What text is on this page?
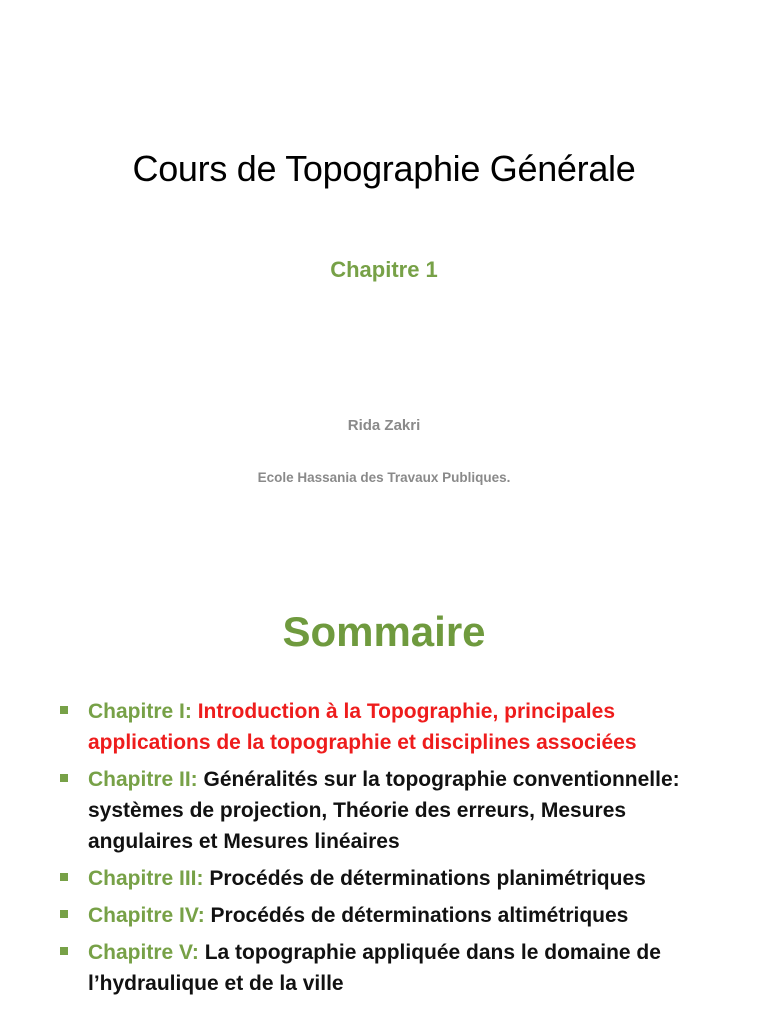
Cours de Topographie Générale
Chapitre 1
Rida Zakri
Ecole Hassania des Travaux Publiques.
Sommaire
Chapitre I: Introduction à la Topographie, principales applications de la topographie et disciplines associées
Chapitre II: Généralités sur la topographie conventionnelle: systèmes de projection, Théorie des erreurs, Mesures angulaires et Mesures linéaires
Chapitre III: Procédés de déterminations planimétriques
Chapitre IV: Procédés de déterminations altimétriques
Chapitre V: La topographie appliquée dans le domaine de l’hydraulique et de la ville
